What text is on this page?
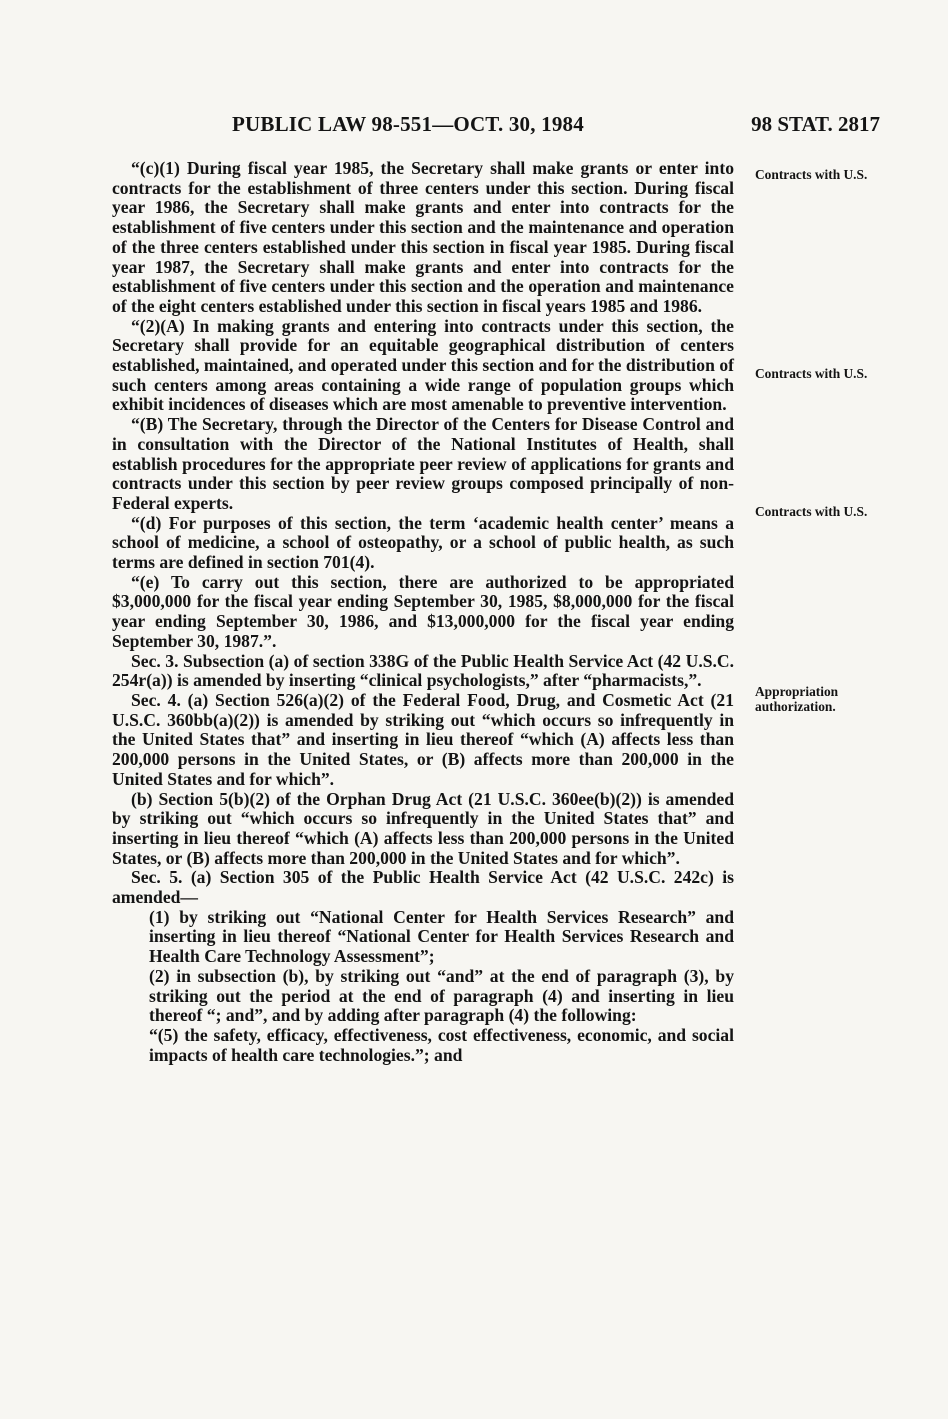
PUBLIC LAW 98-551—OCT. 30, 1984	98 STAT. 2817
Contracts with U.S.
Contracts with U.S.
Contracts with U.S.
Appropriation authorization.

“(c)(1) During fiscal year 1985, the Secretary shall make grants or enter into contracts for the establishment of three centers under this section. During fiscal year 1986, the Secretary shall make grants and enter into contracts for the establishment of five centers under this section and the maintenance and operation of the three centers established under this section in fiscal year 1985. During fiscal year 1987, the Secretary shall make grants and enter into contracts for the establishment of five centers under this section and the operation and maintenance of the eight centers established under this section in fiscal years 1985 and 1986.

“(2)(A) In making grants and entering into contracts under this section, the Secretary shall provide for an equitable geographical distribution of centers established, maintained, and operated under this section and for the distribution of such centers among areas containing a wide range of population groups which exhibit incidences of diseases which are most amenable to preventive intervention.

“(B) The Secretary, through the Director of the Centers for Disease Control and in consultation with the Director of the National Institutes of Health, shall establish procedures for the appropriate peer review of applications for grants and contracts under this section by peer review groups composed principally of non-Federal experts.

“(d) For purposes of this section, the term ‘academic health center’ means a school of medicine, a school of osteopathy, or a school of public health, as such terms are defined in section 701(4).

“(e) To carry out this section, there are authorized to be appropriated $3,000,000 for the fiscal year ending September 30, 1985, $8,000,000 for the fiscal year ending September 30, 1986, and $13,000,000 for the fiscal year ending September 30, 1987.”.

Sec. 3. Subsection (a) of section 338G of the Public Health Service Act (42 U.S.C. 254r(a)) is amended by inserting “clinical psychologists,” after “pharmacists,”.

Sec. 4. (a) Section 526(a)(2) of the Federal Food, Drug, and Cosmetic Act (21 U.S.C. 360bb(a)(2)) is amended by striking out “which occurs so infrequently in the United States that” and inserting in lieu thereof “which (A) affects less than 200,000 persons in the United States, or (B) affects more than 200,000 in the United States and for which”.

(b) Section 5(b)(2) of the Orphan Drug Act (21 U.S.C. 360ee(b)(2)) is amended by striking out “which occurs so infrequently in the United States that” and inserting in lieu thereof “which (A) affects less than 200,000 persons in the United States, or (B) affects more than 200,000 in the United States and for which”.

Sec. 5. (a) Section 305 of the Public Health Service Act (42 U.S.C. 242c) is amended—

(1) by striking out “National Center for Health Services Research” and inserting in lieu thereof “National Center for Health Services Research and Health Care Technology Assessment”;

(2) in subsection (b), by striking out “and” at the end of paragraph (3), by striking out the period at the end of paragraph (4) and inserting in lieu thereof “; and”, and by adding after paragraph (4) the following:

“(5) the safety, efficacy, effectiveness, cost effectiveness, economic, and social impacts of health care technologies.”; and
